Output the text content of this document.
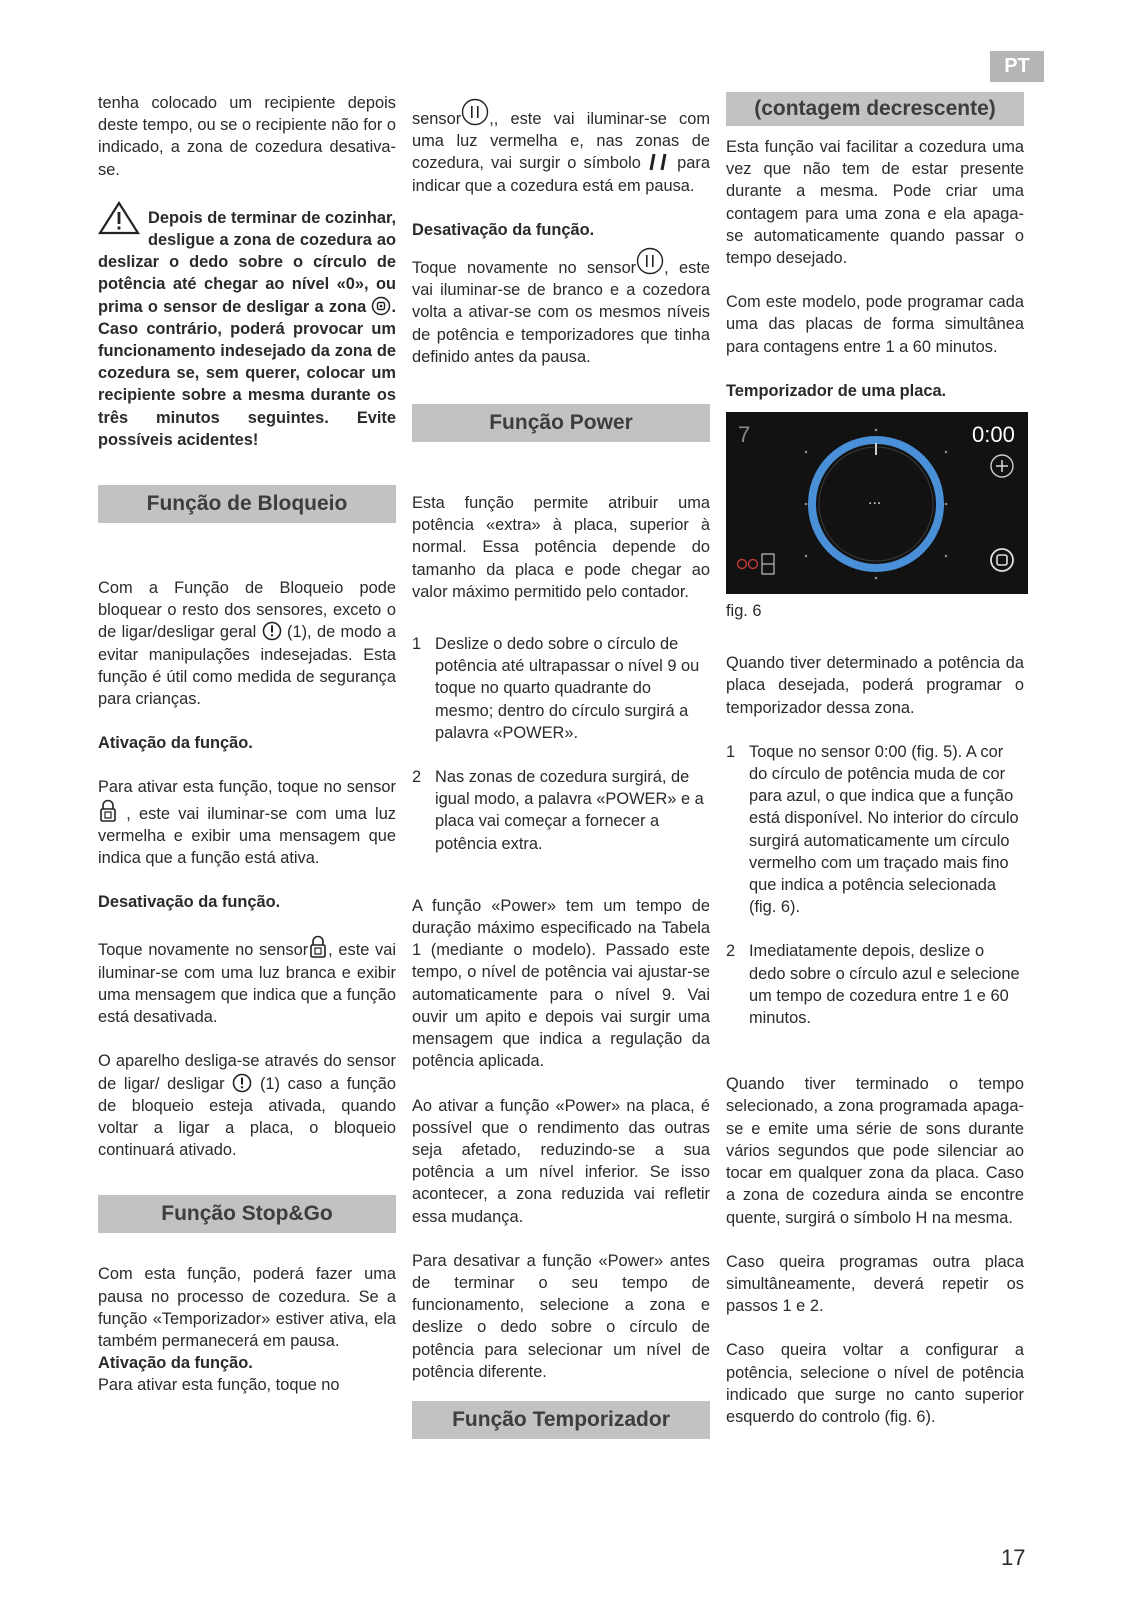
PT

tenha colocado um recipiente depois deste tempo, ou se o recipiente não for o indicado, a zona de cozedura desativa-se.

Depois de terminar de cozinhar, desligue a zona de cozedura ao deslizar o dedo sobre o círculo de potência até chegar ao nível «0», ou prima o sensor de desligar a zona . Caso contrário, poderá provocar um funcionamento indesejado da zona de cozedura se, sem querer, colocar um recipiente sobre a mesma durante os três minutos seguintes. Evite possíveis acidentes!

Função de Bloqueio

Com a Função de Bloqueio pode bloquear o resto dos sensores, exceto o de ligar/desligar geral (1), de modo a evitar manipulações indesejadas. Esta função é útil como medida de segurança para crianças.

Ativação da função.

Para ativar esta função, toque no sensor  , este vai iluminar-se com uma luz vermelha e exibir uma mensagem que indica que a função está ativa.

Desativação da função.

Toque novamente no sensor , este vai iluminar-se com uma luz branca e exibir uma mensagem que indica que a função está desativada.

O aparelho desliga-se através do sensor de ligar/ desligar (1) caso a função de bloqueio esteja ativada, quando voltar a ligar a placa, o bloqueio continuará ativado.

Função Stop&Go

Com esta função, poderá fazer uma pausa no processo de cozedura. Se a função «Temporizador» estiver ativa, ela também permanecerá em pausa.

Ativação da função.

Para ativar esta função, toque no

sensor ,, este vai iluminar-se com uma luz vermelha e, nas zonas de cozedura, vai surgir o símbolo para indicar que a cozedura está em pausa.

Desativação da função.

Toque novamente no sensor , este vai iluminar-se de branco e a cozedora volta a ativar-se com os mesmos níveis de potência e temporizadores que tinha definido antes da pausa.

Função Power

Esta função permite atribuir uma potência «extra» à placa, superior à normal. Essa potência depende do tamanho da placa e pode chegar ao valor máximo permitido pelo contador.

1 Deslize o dedo sobre o círculo de potência até ultrapassar o nível 9 ou toque no quarto quadrante do mesmo; dentro do círculo surgirá a palavra «POWER».
2 Nas zonas de cozedura surgirá, de igual modo, a palavra «POWER» e a placa vai começar a fornecer a potência extra.

A função «Power» tem um tempo de duração máximo especificado na Tabela 1 (mediante o modelo). Passado este tempo, o nível de potência vai ajustar-se automaticamente para o nível 9. Vai ouvir um apito e depois vai surgir uma mensagem que indica a regulação da potência aplicada.

Ao ativar a função «Power» na placa, é possível que o rendimento das outras seja afetado, reduzindo-se a sua potência a um nível inferior. Se isso acontecer, a zona reduzida vai refletir essa mudança.

Para desativar a função «Power» antes de terminar o seu tempo de funcionamento, selecione a zona e deslize o dedo sobre o círculo de potência para selecionar um nível de potência diferente.

Função Temporizador
(contagem decrescente)

Esta função vai facilitar a cozedura uma vez que não tem de estar presente durante a mesma. Pode criar uma contagem para uma zona e ela apaga-se automaticamente quando passar o tempo desejado.

Com este modelo, pode programar cada uma das placas de forma simultânea para contagens entre 1 a 60 minutos.

Temporizador de uma placa.

7	0:00
...

fig. 6

Quando tiver determinado a potência da placa desejada, poderá programar o temporizador dessa zona.

1 Toque no sensor 0:00 (fig. 5). A cor do círculo de potência muda de cor para azul, o que indica que a função está disponível. No interior do círculo surgirá automaticamente um círculo vermelho com um traçado mais fino que indica a potência selecionada (fig. 6).
2 Imediatamente depois, deslize o dedo sobre o círculo azul e selecione um tempo de cozedura entre 1 e 60 minutos.

Quando tiver terminado o tempo selecionado, a zona programada apaga-se e emite uma série de sons durante vários segundos que pode silenciar ao tocar em qualquer zona da placa. Caso a zona de cozedura ainda se encontre quente, surgirá o símbolo H na mesma.

Caso queira programas outra placa simultâneamente, deverá repetir os passos 1 e 2.

Caso queira voltar a configurar a potência, selecione o nível de potência indicado que surge no canto superior esquerdo do controlo (fig. 6).

17
